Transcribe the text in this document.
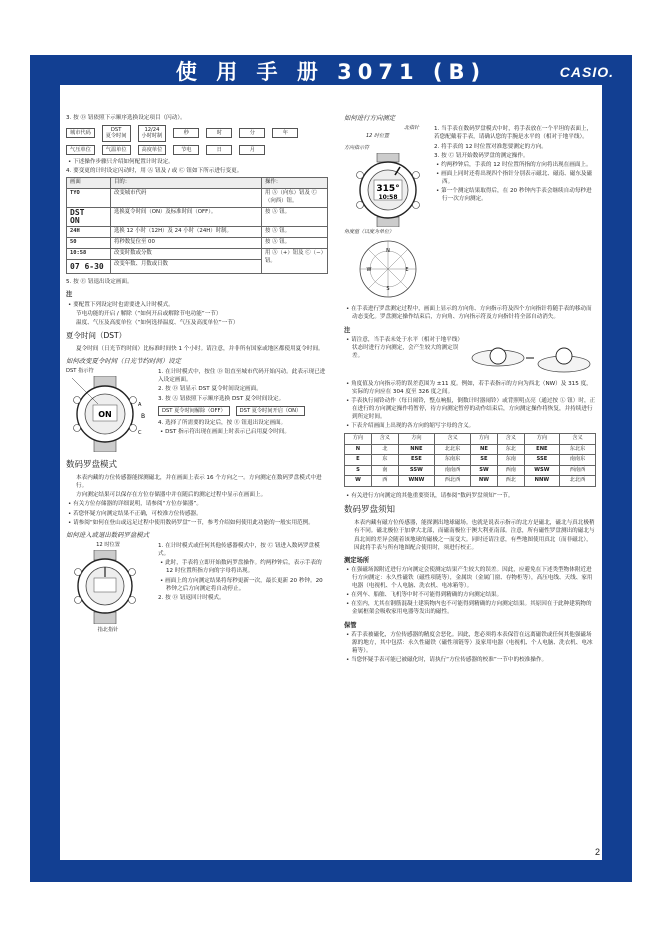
使 用 手 册 3071 (B)	CASIO.
2
3. 按 Ⓓ 钮依照下示顺序选换设定项目（闪动）。
城市代码
DST
夏令时间
12/24
小时时制
秒	时	分	年
气压单位	气温单位	高度单位	节电	日	月
• 下述操作步骤只介绍如何配置计时设定。
4. 要变更的计时设定闪动时，用 Ⓐ 钮及 / 或 Ⓒ 钮如下所示进行变更。
画面	目的：	操作：
TYO	改变城市代码	用 Ⓐ（向东）钮及 Ⓒ（向西）钮。
DST
ON	选换夏令时间（ON）及标准时间（OFF）。	按 Ⓐ 钮。
24H	选换 12 小时（12H）及 24 小时（24H）时制。	按 Ⓐ 钮。
50	将秒数复位至 00	按 Ⓐ 钮。
10:58	改变时数或分数	用 Ⓐ（+）钮及 Ⓒ（−）钮。
07 6-30	改变年数、月数或日数	
5. 按 Ⓔ 钮退出设定画面。
注
• 要配置下列设定时也需要进入计时模式。
节电功能的开启 / 解除（“如何开启或解除节电功能”一节）
温度、气压及高度单位（“如何选择温度、气压及高度单位”一节）
夏令时间（DST）
夏令时间（日光节约时间）比标准时间快 1 个小时。请注意，并非所有国家或地区都使用夏令时间。
如何改变夏令时间（日光节约时间）设定
DST 指示符
ON	B
A
C
1. 在计时模式中，按住 Ⓓ 钮直至城市代码开始闪动。此表示现已进入设定画面。
2. 按 Ⓓ 钮显示 DST 夏令时间设定画面。
3. 按 Ⓐ 钮依照下示顺序选换 DST 夏令时间设定。
DST 夏令时间解除（OFF）	DST 夏令时间开启（ON）
4. 选择了所需要的设定后，按 Ⓔ 钮退出设定画面。
• DST 指示符出现在画面上时表示已启用夏令时间。
数码罗盘模式
本表内藏的方位传感器能探测磁北，并在画面上表示 16 个方向之一。方向测定在数码罗盘模式中进行。
方向测定结果可以保存在方位存储器中并在随后的测定过程中显示在画面上。
• 有关方位存储器的详细说明，请参阅“方位存储器”。
• 若您怀疑方向测定结果不正确，可校准方位传感器。
• 请参阅“如何在登山或远足过程中使用数码罗盘”一节，参考介绍如何使用此功能的一般实用范例。
如何进入或退出数码罗盘模式
12 时位置
指北指针
1. 在计时模式或任何其他传感器模式中，按 Ⓒ 钮进入数码罗盘模式。
• 此时，手表将立即开始数码罗盘操作。约两秒钟后，表示手表的 12 时位置所指方向的字母将出现。
• 画面上的方向测定结果将每秒更新一次，最长更新 20 秒钟。20 秒钟之后方向测定将自动停止。
2. 按 Ⓓ 钮返回计时模式。
如何进行方向测定
北指针
12 时位置
方向指示符
315°
10:58
角度值（以度为单位）
N
S
W	E
1. 当手表在数码罗盘模式中时，将手表放在一个平坦的表面上，若您配戴着手表，请确认您的手腕是水平的（相对于地平线）。
2. 将手表的 12 时位置对准您要测定的方向。
3. 按 Ⓒ 钮开始数码罗盘的测定操作。
• 约两秒钟后，手表的 12 时位置所指的方向将出现在画面上。
• 画面上同时还将出现四个指针分别表示磁北、磁南、磁东及磁西。
• 第一个测定结果取得后，在 20 秒钟内手表会继续自动每秒进行一次方向测定。
• 在手表进行罗盘测定过程中，画面上显示的方向角、方向指示符及四个方向指针将随手表的移动而动态变化。罗盘测定操作结束后，方向角、方向指示符及方向指针将全部自动消失。
注
• 请注意，当手表未处于水平（相对于地平线）状态时进行方向测定，会产生较大的测定误差。
• 角度值及方向指示符的误差范围为 ±11 度。例如，若手表指示的方向为西北（NW）及 315 度，实际的方向应在 304 度至 326 度之间。
• 手表执行闹铃动作（每日闹铃，整点响报，倒数计时器闹铃）或背照明点亮（通过按 Ⓛ 钮）时，正在进行的方向测定操作将暂停，待方向测定暂停的动作结束后，方向测定操作将恢复，并持续进行到所定时间。
• 下表介绍画面上出现的各方向的缩写字母的含义。
方向	含义	方向	含义	方向	含义	方向	含义
N	北	NNE	北北东	NE	东北	ENE	东北东
E	东	ESE	东南东	SE	东南	SSE	南南东
S	南	SSW	南南西	SW	西南	WSW	西南西
W	西	WNW	西北西	NW	西北	NNW	北北西
• 有关进行方向测定的其他重要资讯，请参阅“数码罗盘须知”一节。
数码罗盘须知
本表内藏有磁方位传感器，能探测出地球磁场。也就是说表示指示的北方是磁北，磁北与真北极稍有不同。磁北极位于加拿大北部，而磁南极位于澳大利亚南部。注意，所有磁性罗盘测出的磁北与真北间的差异会随着该地球的磁极之一而变大。同时还请注意，有些地图使用真北（而非磁北），因此将手表与所有地图配合使用时，须进行校正。
测定场所
• 在强磁场源附近进行方向测定会使测定结果产生较大的误差。因此，应避免在下述类型物体附近进行方向测定：永久性磁铁（磁性项链等），金属块（金属门窗、存物柜等），高压电线、天线、家用电器（电视机、个人电脑、洗衣机、电冰箱等）。
• 在列车、船舶、飞机等中时不可能得到精确的方向测定结果。
• 在室内，尤其在钢筋混凝土建筑物内也不可能得到精确的方向测定结果。其原因在于此种建筑物的金属框架会吸收家用电器等发出的磁性。
保管
• 若手表被磁化，方位传感器的精度会恶化。因此，您必须将本表保管在远离磁铁或任何其他强磁场源的地方，其中包括：永久性磁铁（磁性项链等）及家用电器（电视机、个人电脑、洗衣机、电冰箱等）。
• 当您怀疑手表可能已被磁化时，请执行“方位传感器的校准”一节中的校准操作。
